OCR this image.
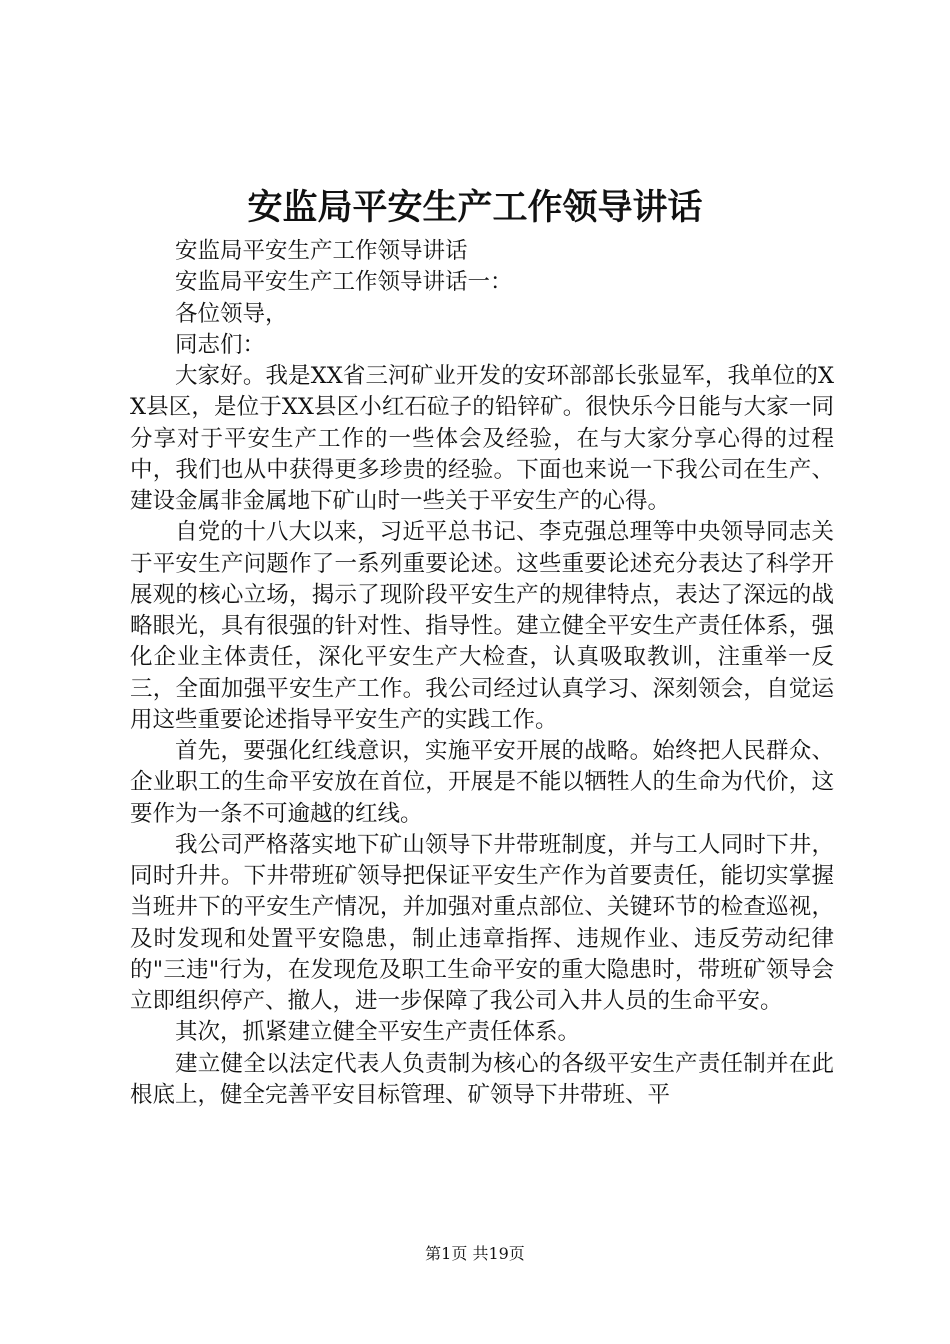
安监局平安生产工作领导讲话

安监局平安生产工作领导讲话

安监局平安生产工作领导讲话一：

各位领导，

同志们：

大家好。我是XX省三河矿业开发的安环部部长张显军，我单位的XX县区，是位于XX县区小红石砬子的铅锌矿。很快乐今日能与大家一同分享对于平安生产工作的一些体会及经验，在与大家分享心得的过程中，我们也从中获得更多珍贵的经验。下面也来说一下我公司在生产、建设金属非金属地下矿山时一些关于平安生产的心得。

自党的十八大以来，习近平总书记、李克强总理等中央领导同志关于平安生产问题作了一系列重要论述。这些重要论述充分表达了科学开展观的核心立场，揭示了现阶段平安生产的规律特点，表达了深远的战略眼光，具有很强的针对性、指导性。建立健全平安生产责任体系，强化企业主体责任，深化平安生产大检查，认真吸取教训，注重举一反三，全面加强平安生产工作。我公司经过认真学习、深刻领会，自觉运用这些重要论述指导平安生产的实践工作。

首先，要强化红线意识，实施平安开展的战略。始终把人民群众、企业职工的生命平安放在首位，开展是不能以牺牲人的生命为代价，这要作为一条不可逾越的红线。

我公司严格落实地下矿山领导下井带班制度，并与工人同时下井，同时升井。下井带班矿领导把保证平安生产作为首要责任，能切实掌握当班井下的平安生产情况，并加强对重点部位、关键环节的检查巡视，及时发现和处置平安隐患，制止违章指挥、违规作业、违反劳动纪律的"三违"行为，在发现危及职工生命平安的重大隐患时，带班矿领导会立即组织停产、撤人，进一步保障了我公司入井人员的生命平安。

其次，抓紧建立健全平安生产责任体系。

建立健全以法定代表人负责制为核心的各级平安生产责任制并在此根底上，健全完善平安目标管理、矿领导下井带班、平

第1页 共19页
